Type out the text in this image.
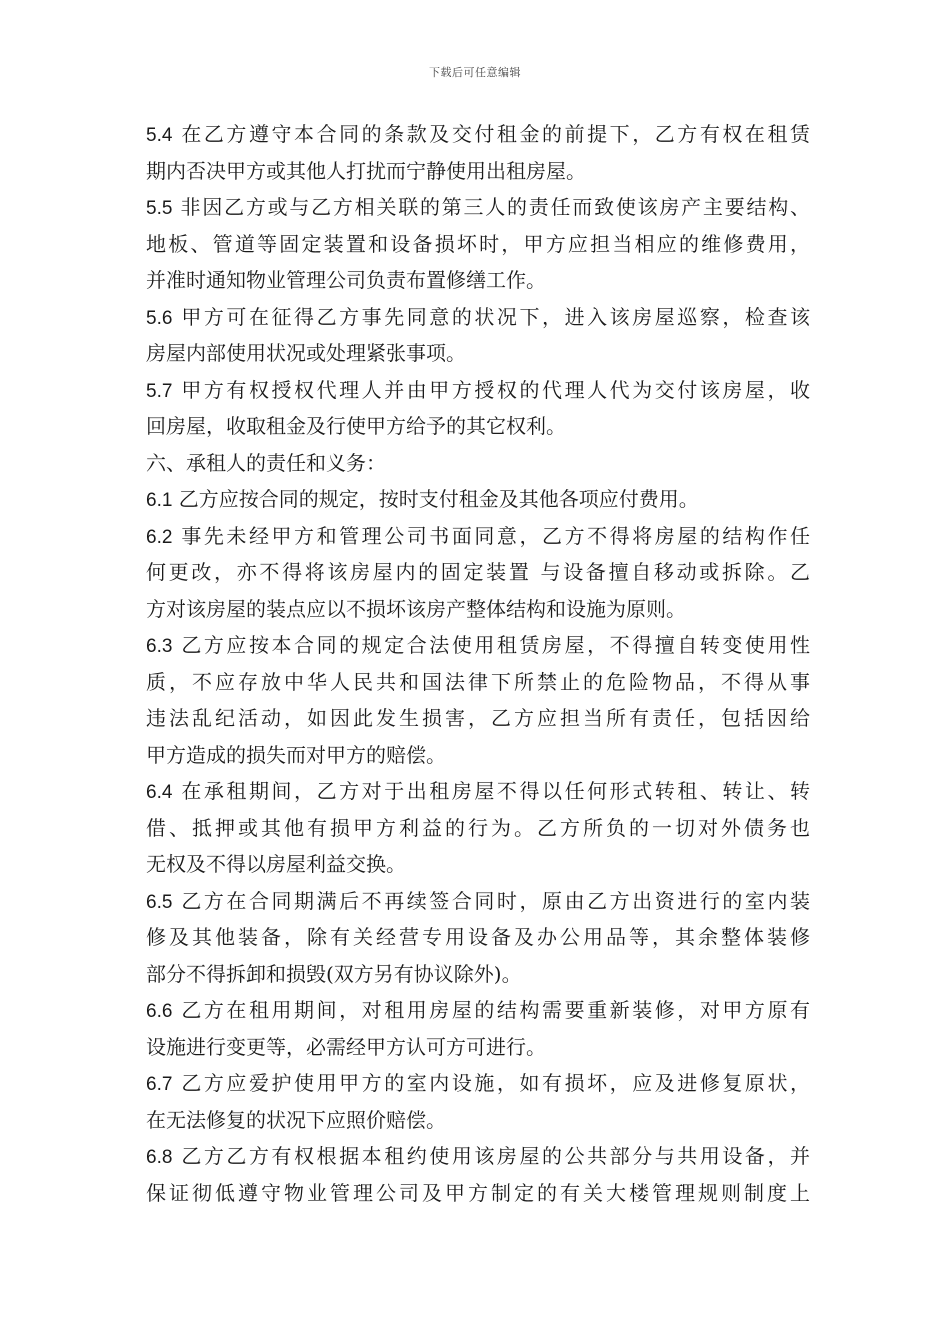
下载后可任意编辑
5.4 在乙方遵守本合同的条款及交付租金的前提下，乙方有权在租赁
期内否决甲方或其他人打扰而宁静使用出租房屋。
5.5 非因乙方或与乙方相关联的第三人的责任而致使该房产主要结构、
地板、管道等固定装置和设备损坏时，甲方应担当相应的维修费用，
并准时通知物业管理公司负责布置修缮工作。
5.6 甲方可在征得乙方事先同意的状况下，进入该房屋巡察，检查该
房屋内部使用状况或处理紧张事项。
5.7 甲方有权授权代理人并由甲方授权的代理人代为交付该房屋，收
回房屋，收取租金及行使甲方给予的其它权利。
六、承租人的责任和义务：
6.1 乙方应按合同的规定，按时支付租金及其他各项应付费用。
6.2 事先未经甲方和管理公司书面同意，乙方不得将房屋的结构作任
何更改，亦不得将该房屋内的固定装置 与设备擅自移动或拆除。乙
方对该房屋的装点应以不损坏该房产整体结构和设施为原则。
6.3 乙方应按本合同的规定合法使用租赁房屋，不得擅自转变使用性
质，不应存放中华人民共和国法律下所禁止的危险物品，不得从事
违法乱纪活动，如因此发生损害，乙方应担当所有责任，包括因给
甲方造成的损失而对甲方的赔偿。
6.4 在承租期间，乙方对于出租房屋不得以任何形式转租、转让、转
借、抵押或其他有损甲方利益的行为。乙方所负的一切对外债务也
无权及不得以房屋利益交换。
6.5 乙方在合同期满后不再续签合同时，原由乙方出资进行的室内装
修及其他装备，除有关经营专用设备及办公用品等，其余整体装修
部分不得拆卸和损毁(双方另有协议除外)。
6.6 乙方在租用期间，对租用房屋的结构需要重新装修，对甲方原有
设施进行变更等，必需经甲方认可方可进行。
6.7 乙方应爱护使用甲方的室内设施，如有损坏，应及进修复原状，
在无法修复的状况下应照价赔偿。
6.8 乙方乙方有权根据本租约使用该房屋的公共部分与共用设备，并
保证彻低遵守物业管理公司及甲方制定的有关大楼管理规则制度上
